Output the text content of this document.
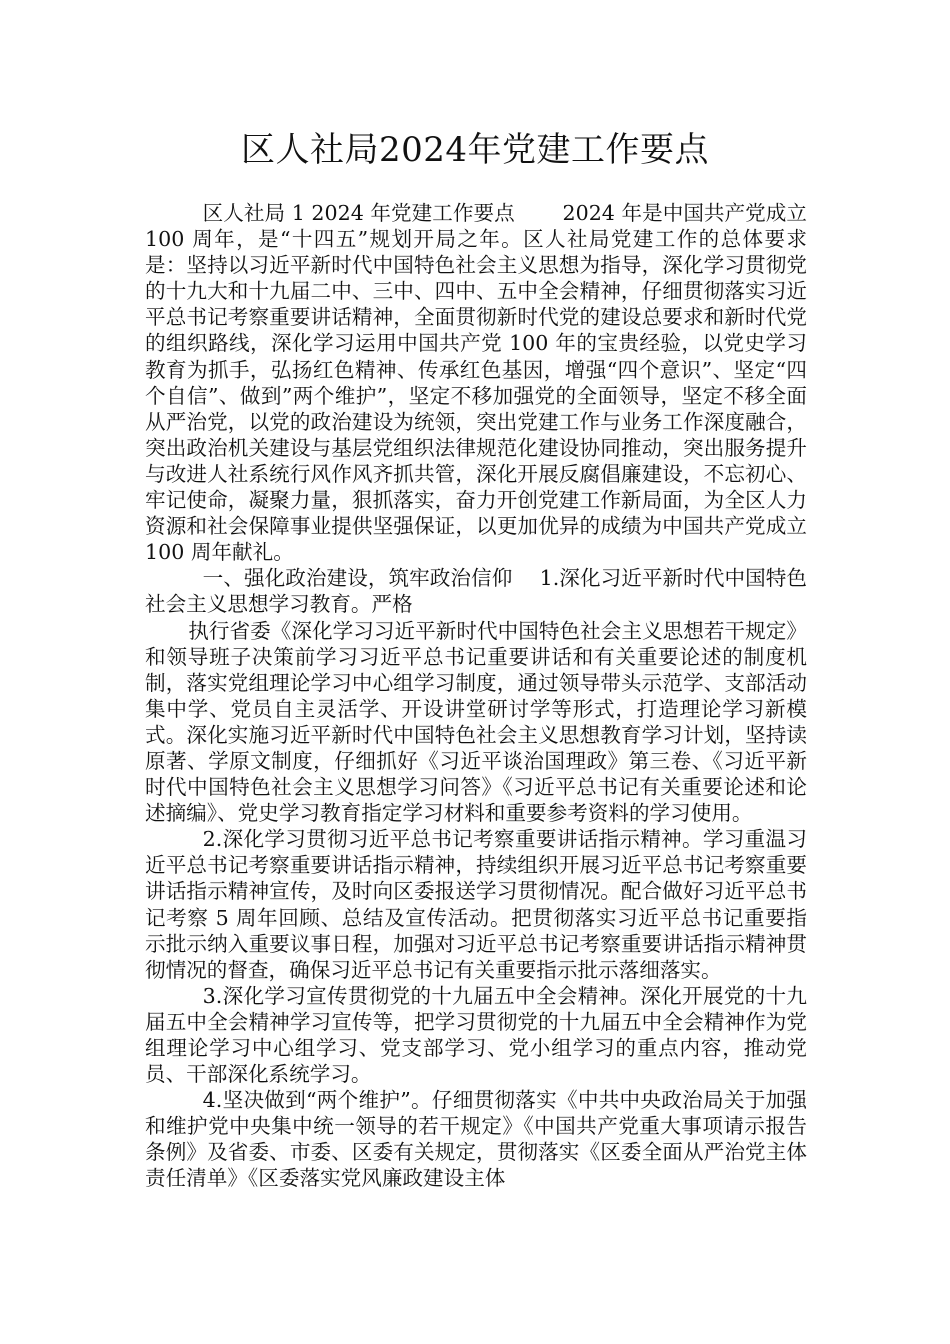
区人社局2024年党建工作要点

区人社局 1 2024 年党建工作要点　　 2024 年是中国共产党成立 100 周年，是“十四五”规划开局之年。区人社局党建工作的总体要求是：坚持以习近平新时代中国特色社会主义思想为指导，深化学习贯彻党的十九大和十九届二中、三中、四中、五中全会精神，仔细贯彻落实习近平总书记考察重要讲话精神，全面贯彻新时代党的建设总要求和新时代党的组织路线，深化学习运用中国共产党 100 年的宝贵经验，以党史学习教育为抓手，弘扬红色精神、传承红色基因，增强“四个意识”、坚定“四个自信”、做到”两个维护”，坚定不移加强党的全面领导，坚定不移全面从严治党，以党的政治建设为统领，突出党建工作与业务工作深度融合，突出政治机关建设与基层党组织法律规范化建设协同推动，突出服务提升与改进人社系统行风作风齐抓共管，深化开展反腐倡廉建设，不忘初心、牢记使命，凝聚力量，狠抓落实，奋力开创党建工作新局面，为全区人力资源和社会保障事业提供坚强保证，以更加优异的成绩为中国共产党成立 100 周年献礼。

一、强化政治建设，筑牢政治信仰　 1.深化习近平新时代中国特色社会主义思想学习教育。严格

执行省委《深化学习习近平新时代中国特色社会主义思想若干规定》和领导班子决策前学习习近平总书记重要讲话和有关重要论述的制度机制，落实党组理论学习中心组学习制度，通过领导带头示范学、支部活动集中学、党员自主灵活学、开设讲堂研讨学等形式，打造理论学习新模式。深化实施习近平新时代中国特色社会主义思想教育学习计划，坚持读原著、学原文制度，仔细抓好《习近平谈治国理政》第三卷、《习近平新时代中国特色社会主义思想学习问答》《习近平总书记有关重要论述和论述摘编》、党史学习教育指定学习材料和重要参考资料的学习使用。

2.深化学习贯彻习近平总书记考察重要讲话指示精神。学习重温习近平总书记考察重要讲话指示精神，持续组织开展习近平总书记考察重要讲话指示精神宣传，及时向区委报送学习贯彻情况。配合做好习近平总书记考察 5 周年回顾、总结及宣传活动。把贯彻落实习近平总书记重要指示批示纳入重要议事日程，加强对习近平总书记考察重要讲话指示精神贯彻情况的督查，确保习近平总书记有关重要指示批示落细落实。

3.深化学习宣传贯彻党的十九届五中全会精神。深化开展党的十九届五中全会精神学习宣传等，把学习贯彻党的十九届五中全会精神作为党组理论学习中心组学习、党支部学习、党小组学习的重点内容，推动党员、干部深化系统学习。

4.坚决做到“两个维护”。仔细贯彻落实《中共中央政治局关于加强和维护党中央集中统一领导的若干规定》《中国共产党重大事项请示报告条例》及省委、市委、区委有关规定，贯彻落实《区委全面从严治党主体责任清单》《区委落实党风廉政建设主体
